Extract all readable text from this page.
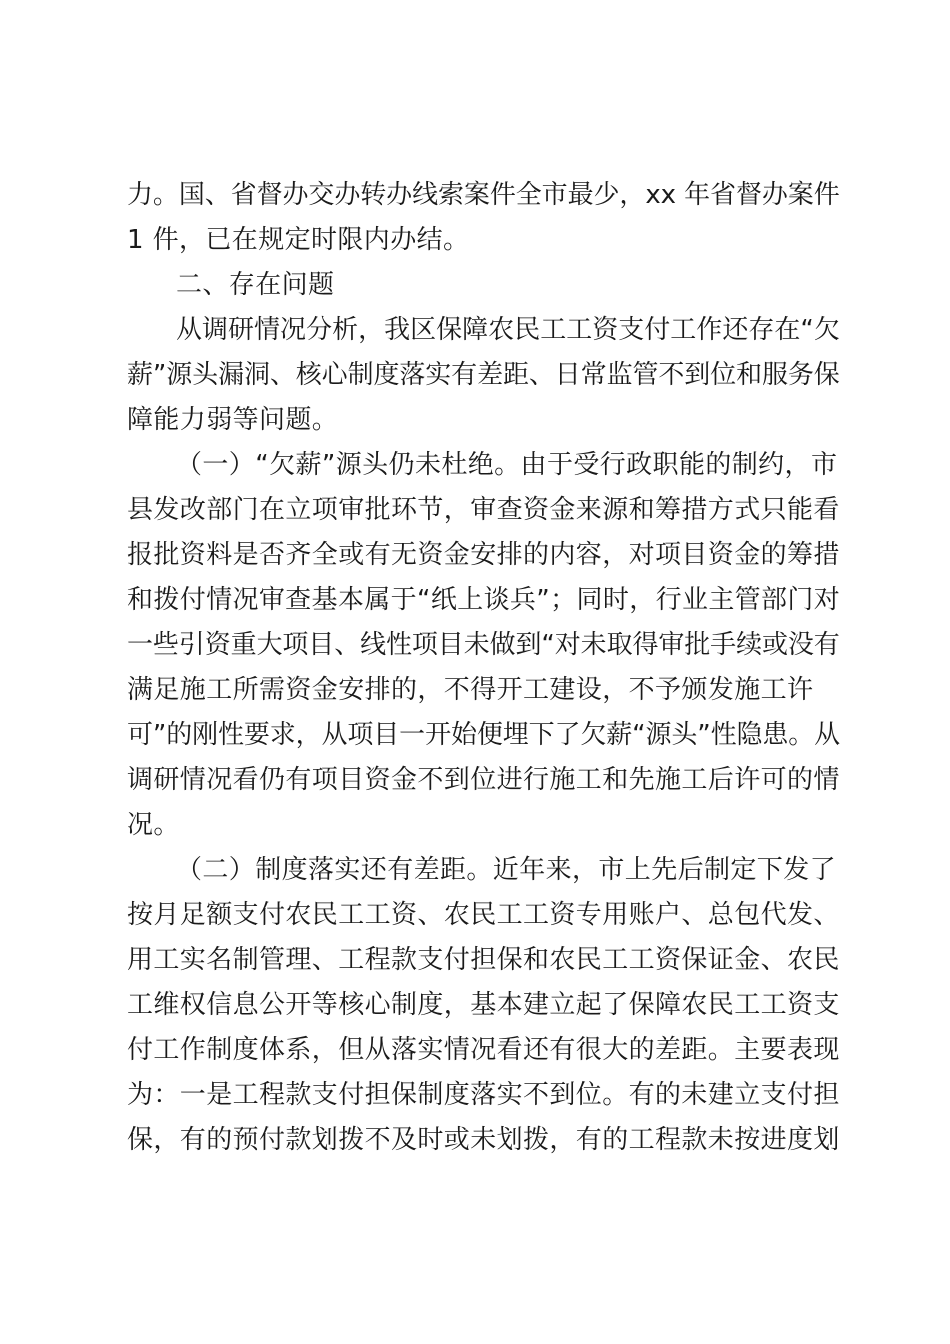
力。国、省督办交办转办线索案件全市最少，xx 年省督办案件
1 件，已在规定时限内办结。
二、存在问题
从调研情况分析，我区保障农民工工资支付工作还存在“欠
薪”源头漏洞、核心制度落实有差距、日常监管不到位和服务保
障能力弱等问题。
（一）“欠薪”源头仍未杜绝。由于受行政职能的制约，市
县发改部门在立项审批环节，审查资金来源和筹措方式只能看
报批资料是否齐全或有无资金安排的内容，对项目资金的筹措
和拨付情况审查基本属于“纸上谈兵”；同时，行业主管部门对
一些引资重大项目、线性项目未做到“对未取得审批手续或没有
满足施工所需资金安排的，不得开工建设，不予颁发施工许
可”的刚性要求，从项目一开始便埋下了欠薪“源头”性隐患。从
调研情况看仍有项目资金不到位进行施工和先施工后许可的情
况。
（二）制度落实还有差距。近年来，市上先后制定下发了
按月足额支付农民工工资、农民工工资专用账户、总包代发、
用工实名制管理、工程款支付担保和农民工工资保证金、农民
工维权信息公开等核心制度，基本建立起了保障农民工工资支
付工作制度体系，但从落实情况看还有很大的差距。主要表现
为：一是工程款支付担保制度落实不到位。有的未建立支付担
保，有的预付款划拨不及时或未划拨，有的工程款未按进度划
